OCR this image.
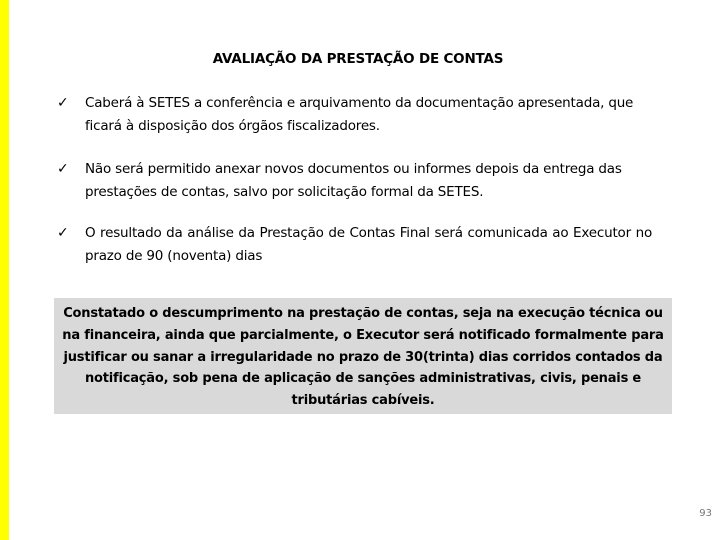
AVALIAÇÃO DA PRESTAÇÃO DE CONTAS
✓	Caberá à SETES a conferência e arquivamento da documentação apresentada, que ficará à disposição dos órgãos fiscalizadores.
✓	Não será permitido anexar novos documentos ou informes depois da entrega das prestações de contas, salvo por solicitação formal da SETES.
✓	O resultado da análise da Prestação de Contas Final será comunicada ao Executor no prazo de 90 (noventa) dias
Constatado o descumprimento na prestação de contas, seja na execução técnica ou na financeira, ainda que parcialmente, o Executor será notificado formalmente para justificar ou sanar a irregularidade no prazo de 30(trinta) dias corridos contados da notificação, sob pena de aplicação de sanções administrativas, civis, penais e tributárias cabíveis.
93
